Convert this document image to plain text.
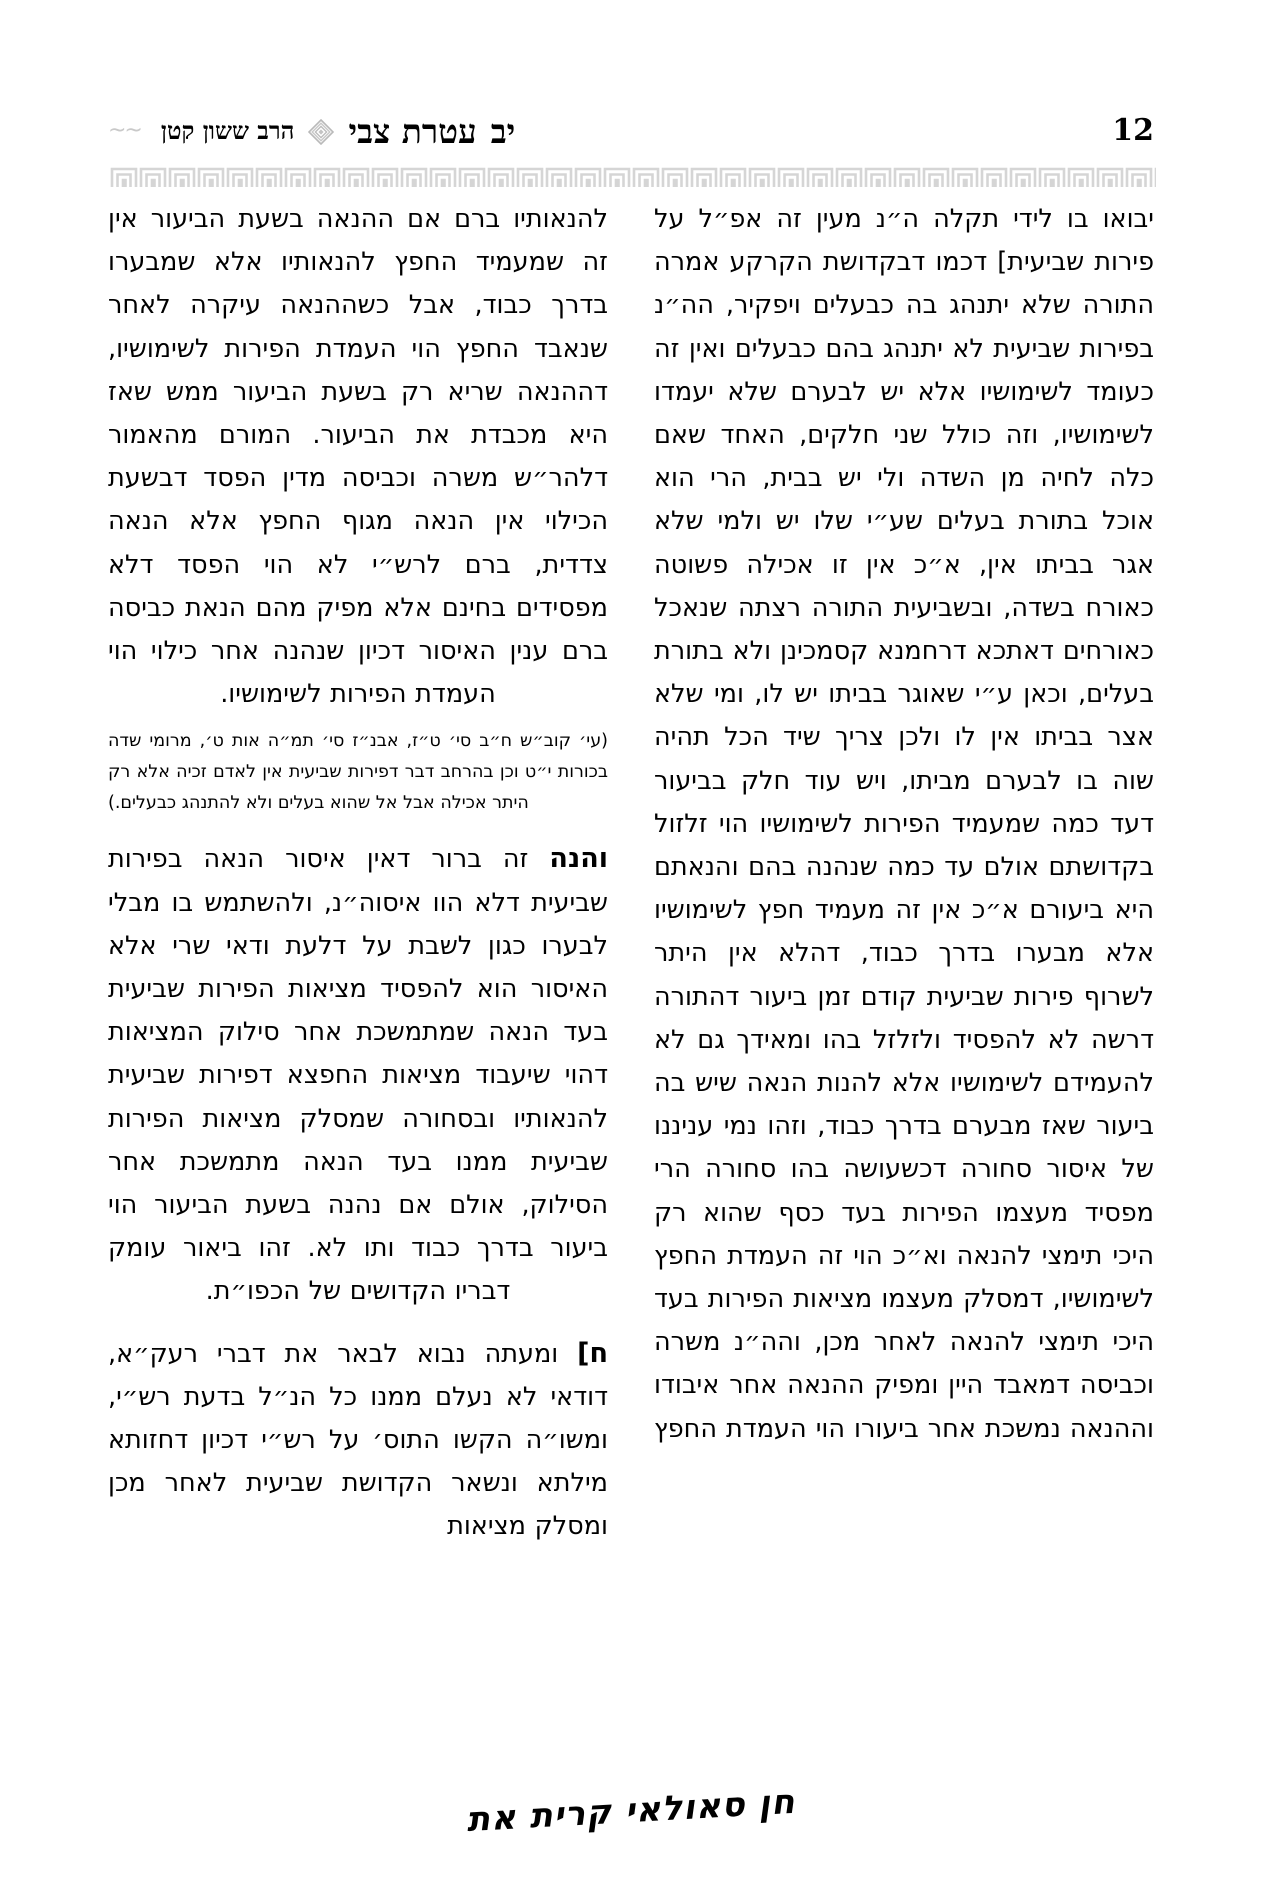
יב
עטרת צבי
הרב ששון קטן
~~	12

יבואו בו לידי תקלה ה״נ מעין זה אפ״ל על פירות שביעית] דכמו דבקדושת הקרקע אמרה התורה שלא יתנהג בה כבעלים ויפקיר, הה״נ בפירות שביעית לא יתנהג בהם כבעלים ואין זה כעומד לשימושיו אלא יש לבערם שלא יעמדו לשימושיו, וזה כולל שני חלקים, האחד שאם כלה לחיה מן השדה ולי יש בבית, הרי הוא אוכל בתורת בעלים שע״י שלו יש ולמי שלא אגר בביתו אין, א״כ אין זו אכילה פשוטה כאורח בשדה, ובשביעית התורה רצתה שנאכל כאורחים דאתכא דרחמנא קסמכינן ולא בתורת בעלים, וכאן ע״י שאוגר בביתו יש לו, ומי שלא אצר בביתו אין לו ולכן צריך שיד הכל תהיה שוה בו לבערם מביתו, ויש עוד חלק בביעור דעד כמה שמעמיד הפירות לשימושיו הוי זלזול בקדושתם אולם עד כמה שנהנה בהם והנאתם היא ביעורם א״כ אין זה מעמיד חפץ לשימושיו אלא מבערו בדרך כבוד, דהלא אין היתר לשרוף פירות שביעית קודם זמן ביעור דהתורה דרשה לא להפסיד ולזלזל בהו ומאידך גם לא להעמידם לשימושיו אלא להנות הנאה שיש בה ביעור שאז מבערם בדרך כבוד, וזהו נמי עניננו של איסור סחורה דכשעושה בהו סחורה הרי מפסיד מעצמו הפירות בעד כסף שהוא רק היכי תימצי להנאה וא״כ הוי זה העמדת החפץ לשימושיו, דמסלק מעצמו מציאות הפירות בעד היכי תימצי להנאה לאחר מכן, והה״נ משרה וכביסה דמאבד היין ומפיק ההנאה אחר איבודו וההנאה נמשכת אחר ביעורו הוי העמדת החפץ

להנאותיו ברם אם ההנאה בשעת הביעור אין זה שמעמיד החפץ להנאותיו אלא שמבערו בדרך כבוד, אבל כשההנאה עיקרה לאחר שנאבד החפץ הוי העמדת הפירות לשימושיו, דההנאה שריא רק בשעת הביעור ממש שאז היא מכבדת את הביעור. המורם מהאמור דלהר״ש משרה וכביסה מדין הפסד דבשעת הכילוי אין הנאה מגוף החפץ אלא הנאה צדדית, ברם לרש״י לא הוי הפסד דלא מפסידים בחינם אלא מפיק מהם הנאת כביסה ברם ענין האיסור דכיון שנהנה אחר כילוי הוי העמדת הפירות לשימושיו.

(עי׳ קוב״ש ח״ב סי׳ ט״ז, אבנ״ז סי׳ תמ״ה אות ט׳, מרומי שדה בכורות י״ט וכן בהרחב דבר דפירות שביעית אין לאדם זכיה אלא רק היתר אכילה אבל אל שהוא בעלים ולא להתנהג כבעלים.)

והנה זה ברור דאין איסור הנאה בפירות שביעית דלא הוו איסוה״נ, ולהשתמש בו מבלי לבערו כגון לשבת על דלעת ודאי שרי אלא האיסור הוא להפסיד מציאות הפירות שביעית בעד הנאה שמתמשכת אחר סילוק המציאות דהוי שיעבוד מציאות החפצא דפירות שביעית להנאותיו ובסחורה שמסלק מציאות הפירות שביעית ממנו בעד הנאה מתמשכת אחר הסילוק, אולם אם נהנה בשעת הביעור הוי ביעור בדרך כבוד ותו לא. זהו ביאור עומק דבריו הקדושים של הכפו״ת.

ח] ומעתה נבוא לבאר את דברי רעק״א, דודאי לא נעלם ממנו כל הנ״ל בדעת רש״י, ומשו״ה הקשו התוס׳ על רש״י דכיון דחזותא מילתא ונשאר הקדושת שביעית לאחר מכן ומסלק מציאות

חן סאולאי קרית את
